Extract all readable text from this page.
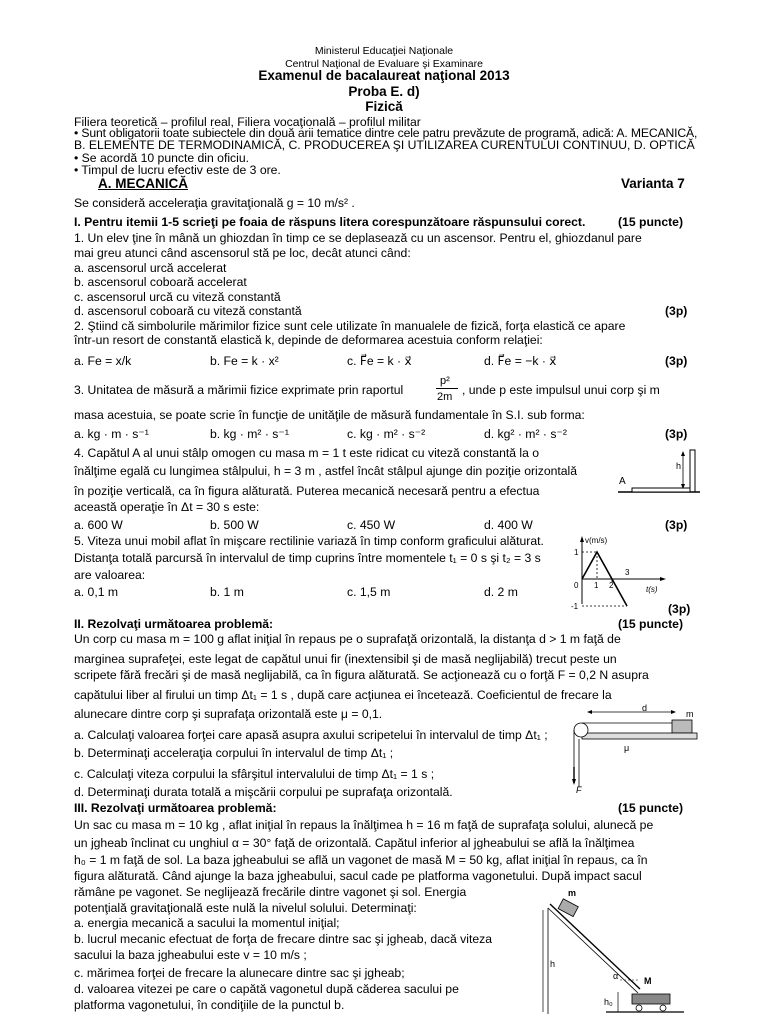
Ministerul Educaţiei Naţionale
Centrul Naţional de Evaluare şi Examinare
Examenul de bacalaureat naţional 2013
Proba E. d)
Fizică
Filiera teoretică – profilul real, Filiera vocaţională – profilul militar
• Sunt obligatorii toate subiectele din două arii tematice dintre cele patru prevăzute de programă, adică: A. MECANICĂ,
B. ELEMENTE DE TERMODINAMICĂ, C. PRODUCEREA ŞI UTILIZAREA CURENTULUI CONTINUU, D. OPTICĂ
• Se acordă 10 puncte din oficiu.
• Timpul de lucru efectiv este de 3 ore.
A. MECANICĂ	Varianta 7
Se consideră acceleraţia gravitaţională g = 10 m/s² .
I. Pentru itemii 1-5 scrieţi pe foaia de răspuns litera corespunzătoare răspunsului corect.	(15 puncte)
1. Un elev ţine în mână un ghiozdan în timp ce se deplasează cu un ascensor. Pentru el, ghiozdanul pare
mai greu atunci când ascensorul stă pe loc, decât atunci când:
a. ascensorul urcă accelerat
b. ascensorul coboară accelerat
c. ascensorul urcă cu viteză constantă
d. ascensorul coboară cu viteză constantă	(3p)
2. Ştiind că simbolurile mărimilor fizice sunt cele utilizate în manualele de fizică, forţa elastică ce apare
într-un resort de constantă elastică k, depinde de deformarea acestuia conform relaţiei:
a. Fe = x/k	b. Fe = k · x²	c. F⃗e = k · x⃗	d. F⃗e = −k · x⃗	(3p)
3. Unitatea de măsură a mărimii fizice exprimate prin raportul
p²
2m , unde p este impulsul unui corp şi m
masa acestuia, se poate scrie în funcţie de unităţile de măsură fundamentale în S.I. sub forma:
a. kg · m · s⁻¹	b. kg · m² · s⁻¹	c. kg · m² · s⁻²	d. kg² · m² · s⁻²	(3p)
4. Capătul A al unui stâlp omogen cu masa m = 1 t este ridicat cu viteză constantă la o
înălţime egală cu lungimea stâlpului, h = 3 m , astfel încât stâlpul ajunge din poziţie orizontală
în poziţie verticală, ca în figura alăturată. Puterea mecanică necesară pentru a efectua
această operaţie în Δt = 30 s este:
a. 600 W	b. 500 W	c. 450 W	d. 400 W	(3p)
h
A
5. Viteza unui mobil aflat în mişcare rectilinie variază în timp conform graficului alăturat.
Distanţa totală parcursă în intervalul de timp cuprins între momentele t₁ = 0 s şi t₂ = 3 s
are valoarea:
a. 0,1 m	b. 1 m	c. 1,5 m	d. 2 m
(3p)
v(m/s)
t(s)
1
0 1 2
3
-1
II. Rezolvaţi următoarea problemă:	(15 puncte)
Un corp cu masa m = 100 g aflat iniţial în repaus pe o suprafaţă orizontală, la distanţa d > 1 m faţă de
marginea suprafeţei, este legat de capătul unui fir (inextensibil şi de masă neglijabilă) trecut peste un
scripete fără frecări şi de masă neglijabilă, ca în figura alăturată. Se acţionează cu o forţă F = 0,2 N asupra
capătului liber al firului un timp Δt₁ = 1 s , după care acţiunea ei încetează. Coeficientul de frecare la
alunecare dintre corp şi suprafaţa orizontală este μ = 0,1.
a. Calculaţi valoarea forţei care apasă asupra axului scripetelui în intervalul de timp Δt₁ ;
b. Determinaţi acceleraţia corpului în intervalul de timp Δt₁ ;
c. Calculaţi viteza corpului la sfârşitul intervalului de timp Δt₁ = 1 s ;
d. Determinaţi durata totală a mişcării corpului pe suprafaţa orizontală.
d
m
F
μ
III. Rezolvaţi următoarea problemă:	(15 puncte)
Un sac cu masa m = 10 kg , aflat iniţial în repaus la înălţimea h = 16 m faţă de suprafaţa solului, alunecă pe
un jgheab înclinat cu unghiul α = 30° faţă de orizontală. Capătul inferior al jgheabului se află la înălţimea
h₀ = 1 m faţă de sol. La baza jgheabului se află un vagonet de masă M = 50 kg, aflat iniţial în repaus, ca în
figura alăturată. Când ajunge la baza jgheabului, sacul cade pe platforma vagonetului. După impact sacul
rămâne pe vagonet. Se neglijează frecările dintre vagonet şi sol. Energia
potenţială gravitaţională este nulă la nivelul solului. Determinaţi:
a. energia mecanică a sacului la momentul iniţial;
b. lucrul mecanic efectuat de forţa de frecare dintre sac şi jgheab, dacă viteza
sacului la baza jgheabului este v = 10 m/s ;
c. mărimea forţei de frecare la alunecare dintre sac şi jgheab;
d. valoarea vitezei pe care o capătă vagonetul după căderea sacului pe
platforma vagonetului, în condiţiile de la punctul b.
m
h
α	M
h₀
